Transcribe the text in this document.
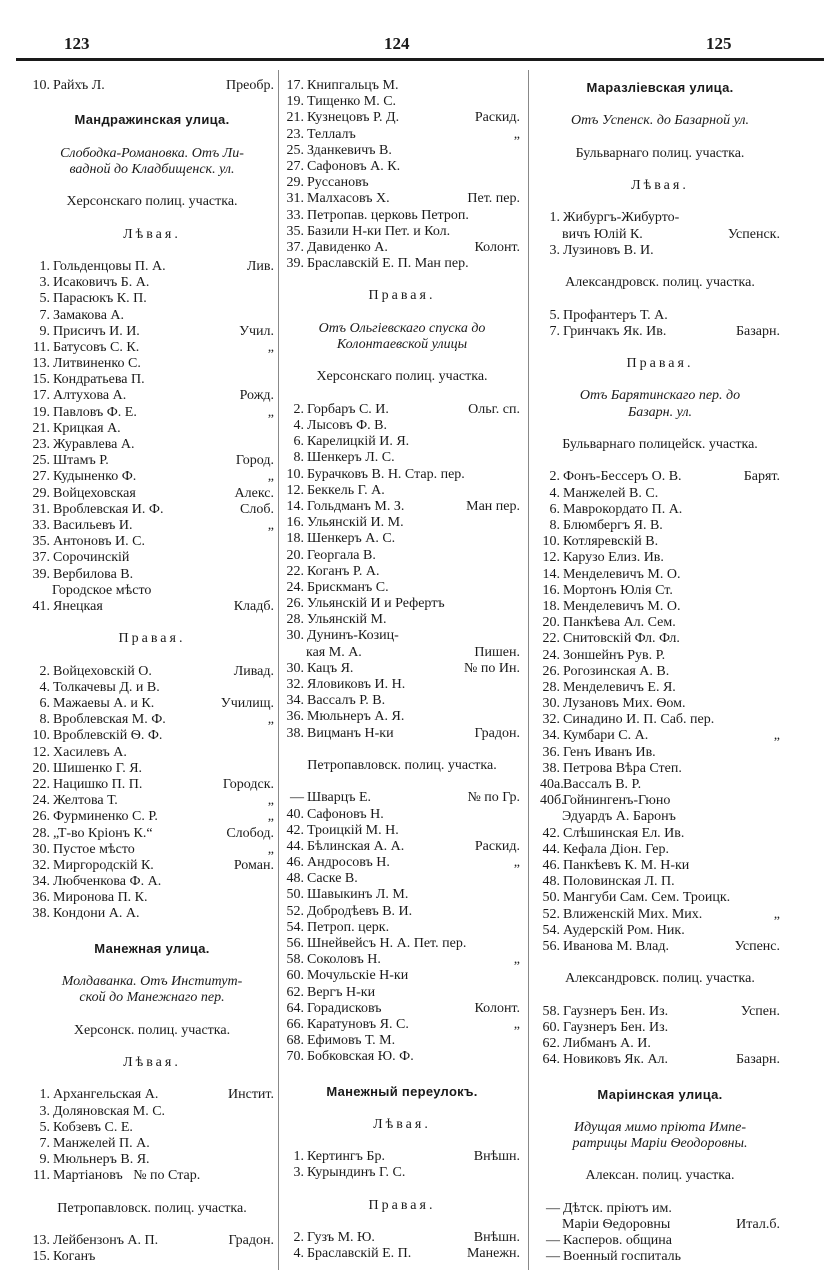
123	124	125
10. Райхъ Л.	Преобр.
Мандражинская улица.
Слободка-Романовка. Отъ Ли-
вадной до Кладбищенск. ул.
Херсонскаго полиц. участка.
Лѣвая.
1. Гольденцовы П. А.	Лив.
3. Исаковичъ Б. А.
5. Парасюкъ К. П.
7. Замакова А.
9. Присичъ И. И.	Учил.
11. Батусовъ С. К.	„
13. Литвиненко С.
15. Кондратьева П.
17. Алтухова А.	Рожд.
19. Павловъ Ф. Е.	„
21. Крицкая А.
23. Журавлева А.
25. Штамъ Р.	Город.
27. Кудыненко Ф.	„
29. Войцеховская	Алекс.
31. Вроблевская И. Ф.	Слоб.
33. Васильевъ И.	„
35. Антоновъ И. С.
37. Сорочинскiй
39. Вербилова В.
Городское мѣсто
41. Янецкая	Кладб.
Правая.
2. Войцеховскiй О.	Ливад.
4. Толкачевы Д. и В.
6. Мажаевы А. и К.	Училищ.
8. Вроблевская М. Ф.	„
10. Вроблевскiй Ѳ. Ф.
12. Хасилевъ А.
20. Шишенко Г. Я.
22. Нацишко П. П.	Городск.
24. Желтова Т.	„
26. Фурминенко С. Р.	„
28. „Т-во Крiонъ К.“	Слобод.
30. Пустое мѣсто	„
32. Миргородскiй К.	Роман.
34. Любченкова Ф. А.
36. Миронова П. К.
38. Кондони А. А.
Манежная улица.
Молдаванка. Отъ Институт-
ской до Манежнаго пер.
Херсонск. полиц. участка.
Лѣвая.
1. Архангельская А.	Инстит.
3. Доляновская М. С.
5. Кобзевъ С. Е.
7. Манжелей П. А.
9. Мюльнеръ В. Я.
11. Мартiановъ   № по Стар.
Петропавловск. полиц. участка.
13. Лейбензонъ А. П.	Градон.
15. Коганъ
17. Книпгальцъ М.
19. Тищенко М. С.
21. Кузнецовъ Р. Д.	Раскид.
23. Теллалъ	„
25. Зданкевичъ В.
27. Сафоновъ А. К.
29. Руссановъ
31. Малхасовъ Х.	Пет. пер.
33. Петропав. церковь Петроп.
35. Базили Н-ки Пет. и Кол.
37. Давиденко А.	Колонт.
39. Браславскiй Е. П. Ман пер.
Правая.
Отъ Ольгiевскаго спуска до
Колонтаевской улицы
Херсонскаго полиц. участка.
2. Горбаръ С. И.	Ольг. сп.
4. Лысовъ Ф. В.
6. Карелицкiй И. Я.
8. Шенкеръ Л. С.
10. Бурачковъ В. Н. Стар. пер.
12. Беккель Г. А.
14. Гольдманъ М. З.	Ман пер.
16. Ульянскiй И. М.
18. Шенкеръ А. С.
20. Георгала В.
22. Коганъ Р. А.
24. Брискманъ С.
26. Ульянскiй И и Рефертъ
28. Ульянскiй М.
30. Дунинъ-Козиц-
кая М. А.	Пишен.
30. Кацъ Я.	№ по Ин.
32. Яловиковъ И. Н.
34. Вассалъ Р. В.
36. Мюльнеръ А. Я.
38. Вицманъ Н-ки	Градон.
Петропавловск. полиц. участка.
— Шварцъ Е.	№ по Гр.
40. Сафоновъ Н.
42. Троицкiй М. Н.
44. Бѣлинская А. А.	Раскид.
46. Андросовъ Н.	„
48. Саске В.
50. Шавыкинъ Л. М.
52. Добродѣевъ В. И.
54. Петроп. церк.
56. Шнейвейсъ Н. А. Пет. пер.
58. Соколовъ Н.	„
60. Мочульскiе Н-ки
62. Вергъ Н-ки
64. Горадисковъ	Колонт.
66. Каратуновъ Я. С.	„
68. Ефимовъ Т. М.
70. Бобковская Ю. Ф.
Манежный переулокъ.
Лѣвая.
1. Кертингъ Бр.	Внѣшн.
3. Курындинъ Г. С.
Правая.
2. Гузъ М. Ю.	Внѣшн.
4. Браславскiй Е. П.	Манежн.
Маразлiевская улица.
Отъ Успенск. до Базарной ул.
Бульварнаго полиц. участка.
Лѣвая.
1. Жибургъ-Жибурто-
вичъ Юлiй К.	Успенск.
3. Лузиновъ В. И.
Александровск. полиц. участка.
5. Профантеръ Т. А.
7. Гринчакъ Як. Ив.	Базарн.
Правая.
Отъ Барятинскаго пер. до
Базарн. ул.
Бульварнаго полицейск. участка.
2. Фонъ-Бессеръ О. В.	Барят.
4. Манжелей В. С.
6. Маврокордато П. А.
8. Блюмбергъ Я. В.
10. Котляревскiй В.
12. Карузо Елиз. Ив.
14. Менделевичъ М. О.
16. Мортонъ Юлiя Ст.
18. Менделевичъ М. О.
20. Панкѣева Ал. Сем.
22. Снитовскiй Фл. Фл.
24. Зоншейнъ Рув. Р.
26. Рогозинская А. В.
28. Менделевичъ Е. Я.
30. Лузановъ Мих. Ѳом.
32. Синадино И. П. Саб. пер.
34. Кумбари С. А.	„
36. Генъ Иванъ Ив.
38. Петрова Вѣра Степ.
40а.Вассалъ В. Р.
40б.Гойнингенъ-Гюно
Эдуардъ А. Баронъ
42. Слѣшинская Ел. Ив.
44. Кефала Дiон. Гер.
46. Панкѣевъ К. М. Н-ки
48. Половинская Л. П.
50. Мангуби Сам. Сем. Троицк.
52. Влиженскiй Мих. Мих.	„
54. Аудерскiй Ром. Ник.
56. Иванова М. Влад.	Успенс.
Александровск. полиц. участка.
58. Гаузнеръ Бен. Из.	Успен.
60. Гаузнеръ Бен. Из.
62. Либманъ А. И.
64. Новиковъ Як. Ал.	Базарн.
Марiинская улица.
Идущая мимо прiюта Импе-
ратрицы Марiи Ѳеодоровны.
Алексан. полиц. участка.
— Дѣтск. прiютъ им.
Марiи Ѳедоровны	Итал.б.
— Касперов. община
— Военный госпиталь
